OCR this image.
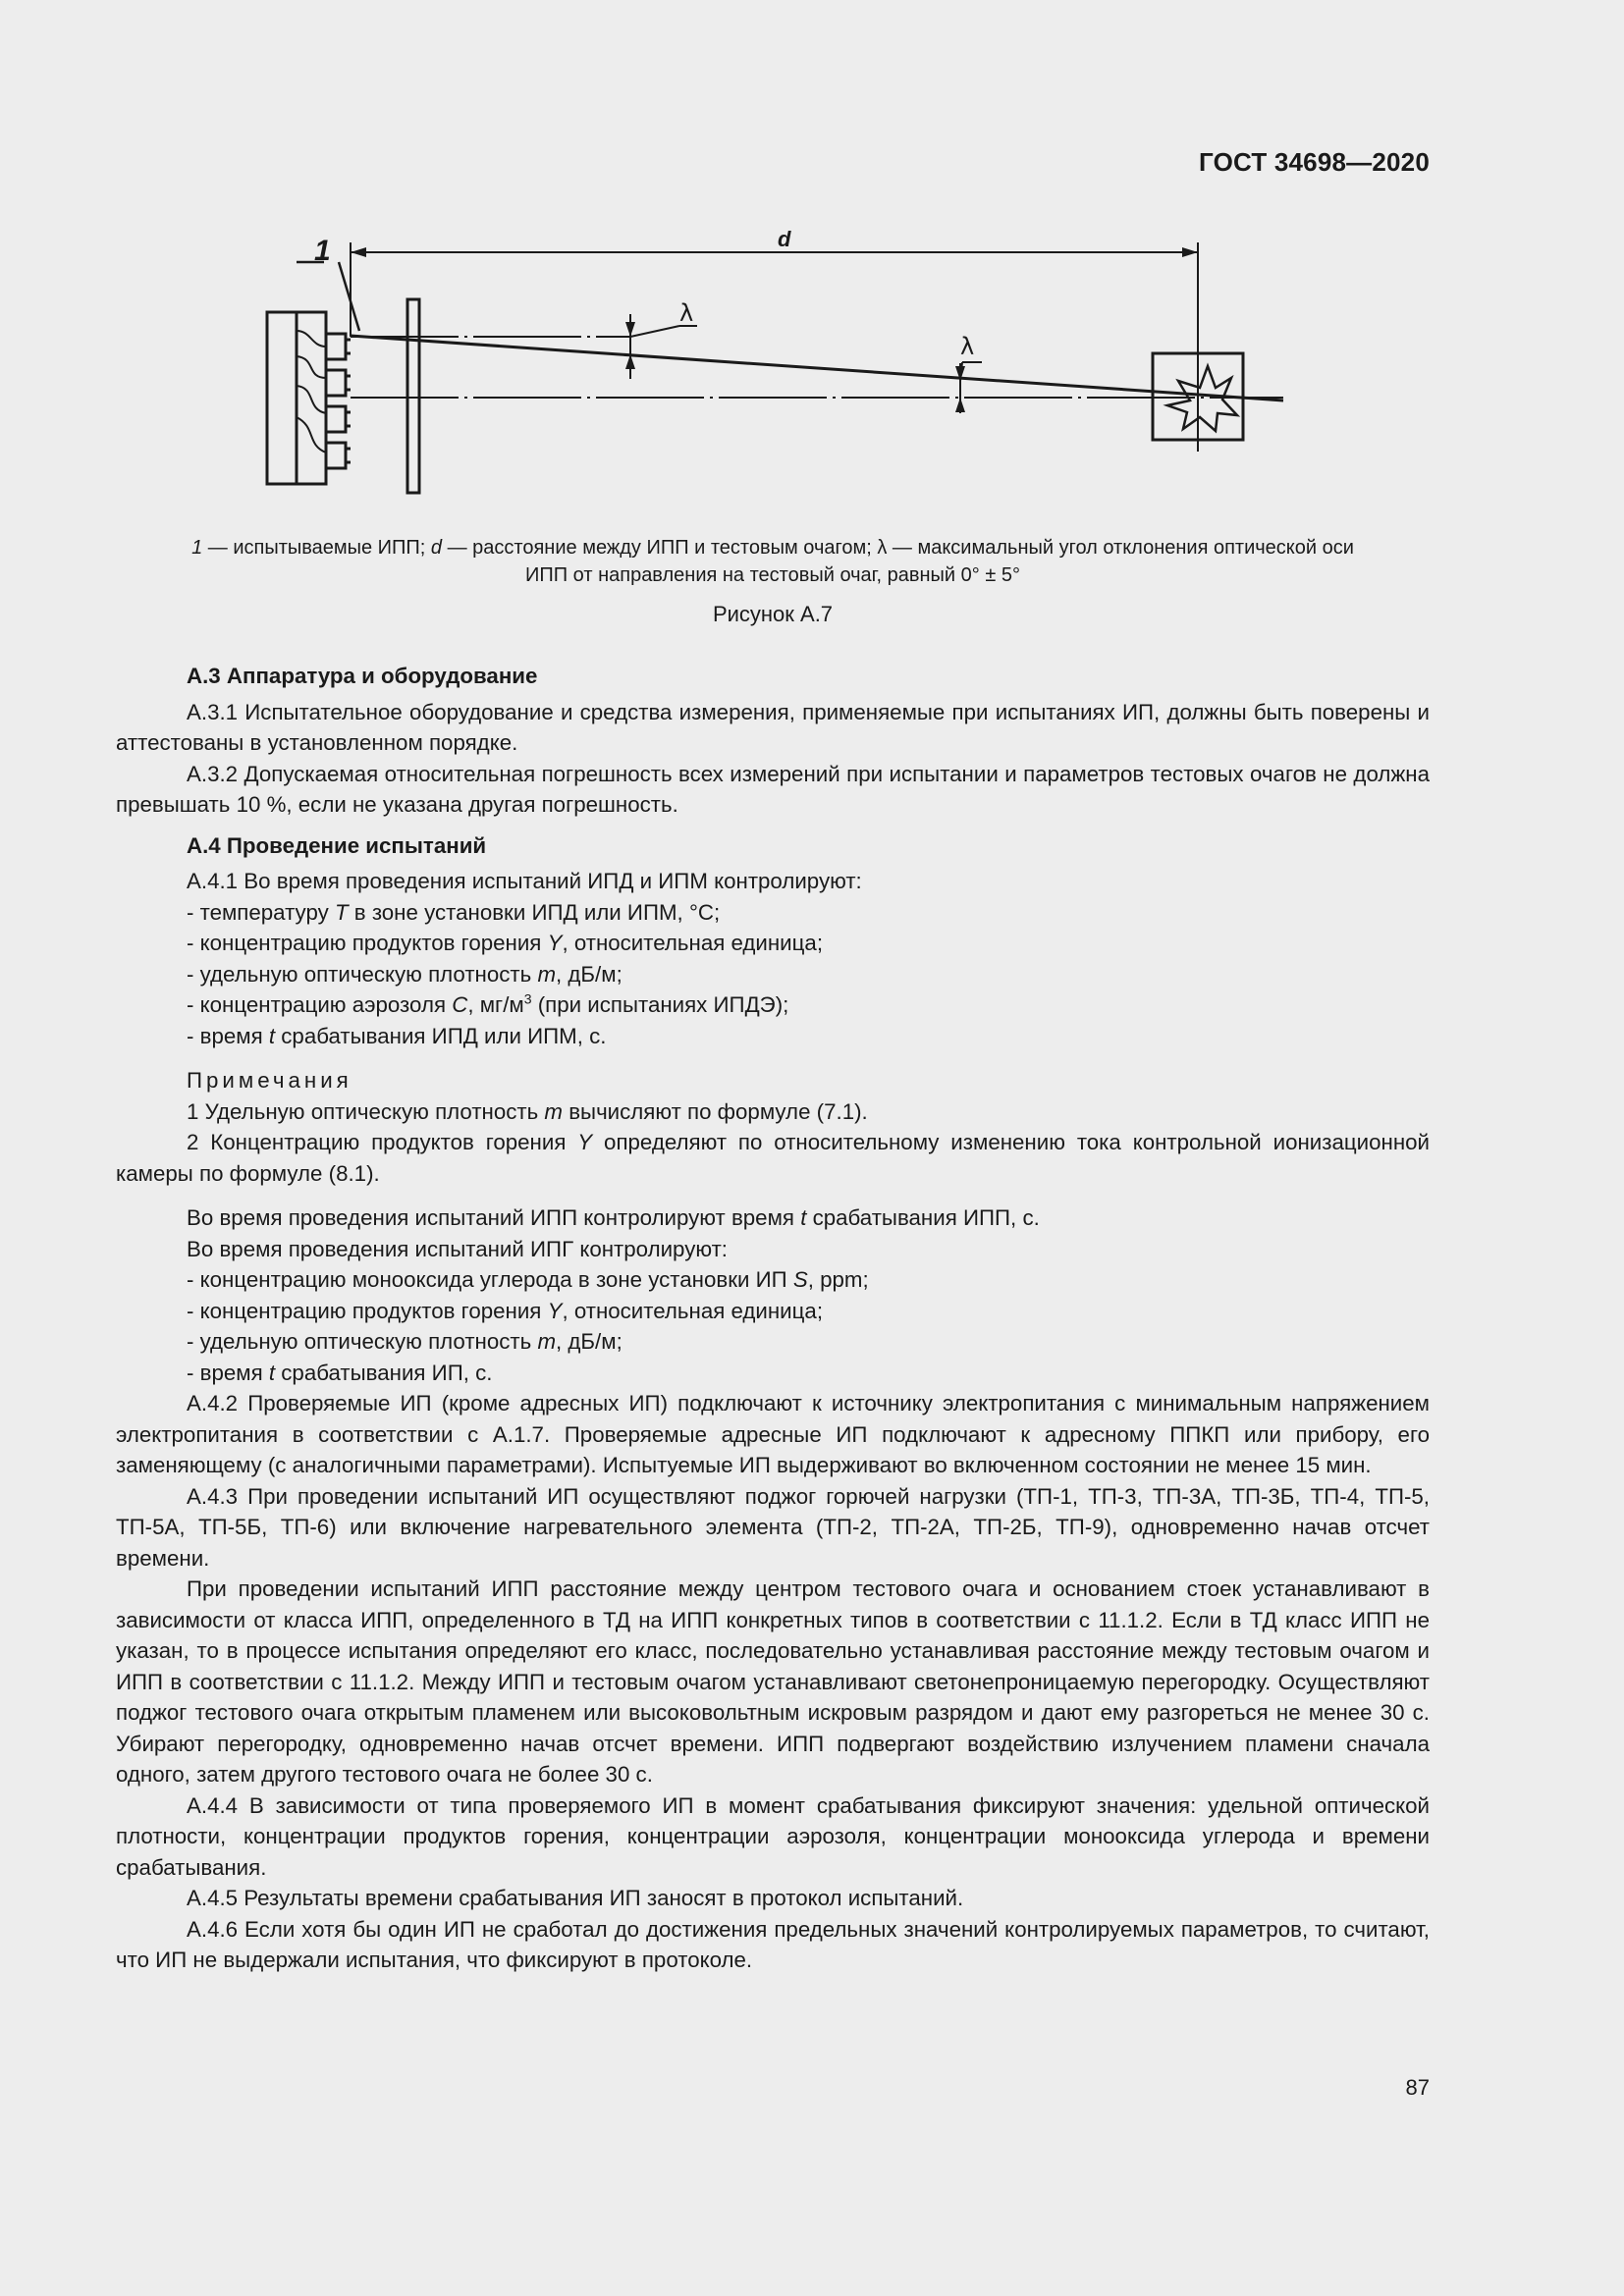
ГОСТ 34698—2020
1	d
λ
λ
1 — испытываемые ИПП; d — расстояние между ИПП и тестовым очагом; λ — максимальный угол отклонения оптической оси
ИПП от направления на тестовый очаг, равный 0° ± 5°
Рисунок А.7

А.3 Аппаратура и оборудование

А.3.1 Испытательное оборудование и средства измерения, применяемые при испытаниях ИП, должны быть поверены и аттестованы в установленном порядке.

А.3.2 Допускаемая относительная погрешность всех измерений при испытании и параметров тестовых очагов не должна превышать 10 %, если не указана другая погрешность.

А.4 Проведение испытаний

А.4.1 Во время проведения испытаний ИПД и ИПМ контролируют:

- температуру T в зоне установки ИПД или ИПМ, °С;

- концентрацию продуктов горения Y, относительная единица;

- удельную оптическую плотность m, дБ/м;

- концентрацию аэрозоля C, $мг/м^3$ (при испытаниях ИПДЭ);

- время t срабатывания ИПД или ИПМ, с.

Примечания

1 Удельную оптическую плотность m вычисляют по формуле (7.1).

2 Концентрацию продуктов горения Y определяют по относительному изменению тока контрольной ионизационной камеры по формуле (8.1).

Во время проведения испытаний ИПП контролируют время t срабатывания ИПП, с.

Во время проведения испытаний ИПГ контролируют:

- концентрацию монооксида углерода в зоне установки ИП S, ppm;

- концентрацию продуктов горения Y, относительная единица;

- удельную оптическую плотность m, дБ/м;

- время t срабатывания ИП, с.

А.4.2 Проверяемые ИП (кроме адресных ИП) подключают к источнику электропитания с минимальным напряжением электропитания в соответствии с А.1.7. Проверяемые адресные ИП подключают к адресному ППКП или прибору, его заменяющему (с аналогичными параметрами). Испытуемые ИП выдерживают во включенном состоянии не менее 15 мин.

А.4.3 При проведении испытаний ИП осуществляют поджог горючей нагрузки (ТП-1, ТП-3, ТП-3А, ТП-3Б, ТП-4, ТП-5, ТП-5А, ТП-5Б, ТП-6) или включение нагревательного элемента (ТП-2, ТП-2А, ТП-2Б, ТП-9), одновременно начав отсчет времени.

При проведении испытаний ИПП расстояние между центром тестового очага и основанием стоек устанавливают в зависимости от класса ИПП, определенного в ТД на ИПП конкретных типов в соответствии с 11.1.2. Если в ТД класс ИПП не указан, то в процессе испытания определяют его класс, последовательно устанавливая расстояние между тестовым очагом и ИПП в соответствии с 11.1.2. Между ИПП и тестовым очагом устанавливают светонепроницаемую перегородку. Осуществляют поджог тестового очага открытым пламенем или высоковольтным искровым разрядом и дают ему разгореться не менее 30 с. Убирают перегородку, одновременно начав отсчет времени. ИПП подвергают воздействию излучением пламени сначала одного, затем другого тестового очага не более 30 с.

А.4.4 В зависимости от типа проверяемого ИП в момент срабатывания фиксируют значения: удельной оптической плотности, концентрации продуктов горения, концентрации аэрозоля, концентрации монооксида углерода и времени срабатывания.

А.4.5 Результаты времени срабатывания ИП заносят в протокол испытаний.

А.4.6 Если хотя бы один ИП не сработал до достижения предельных значений контролируемых параметров, то считают, что ИП не выдержали испытания, что фиксируют в протоколе.

87
